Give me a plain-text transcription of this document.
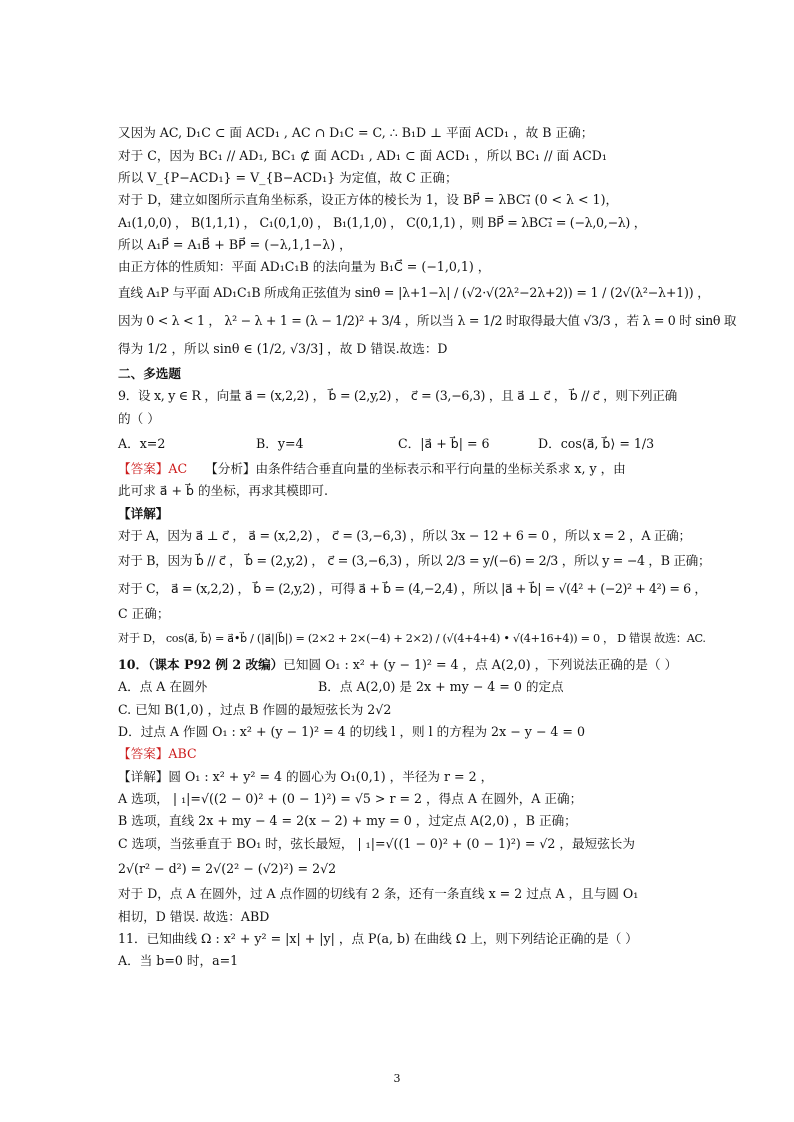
又因为 AC, D₁C ⊂ 面 ACD₁ , AC ∩ D₁C = C, ∴ B₁D ⊥ 平面 ACD₁ ，故 B 正确；
对于 C，因为 BC₁ // AD₁, BC₁ ⊄ 面 ACD₁ , AD₁ ⊂ 面 ACD₁ ，所以 BC₁ // 面 ACD₁
所以 V_{P−ACD₁} = V_{B−ACD₁} 为定值，故 C 正确；
对于 D，建立如图所示直角坐标系，设正方体的棱长为 1，设 BP⃗ = λBC₁⃗ (0 < λ < 1)，
A₁(1,0,0) ， B(1,1,1) ， C₁(0,1,0) ， B₁(1,1,0) ， C(0,1,1) ，则 BP⃗ = λBC₁⃗ = (−λ,0,−λ) ，
所以 A₁P⃗ = A₁B⃗ + BP⃗ = (−λ,1,1−λ) ，
由正方体的性质知：平面 AD₁C₁B 的法向量为 B₁C⃗ = (−1,0,1) ，
直线 A₁P 与平面 AD₁C₁B 所成角正弦值为 sinθ = |λ+1−λ| / (√2·√(2λ²−2λ+2)) = 1 / (2√(λ²−λ+1)) ，
因为 0 < λ < 1 ， λ² − λ + 1 = (λ − 1/2)² + 3/4 ，所以当 λ = 1/2 时取得最大值 √3/3 ，若 λ = 0 时 sinθ 取
得为 1/2 ，所以 sinθ ∈ (1/2, √3/3] ，故 D 错误.故选：D
二、多选题
9．设 x, y ∈ R ，向量 a⃗ = (x,2,2) ， b⃗ = (2,y,2) ， c⃗ = (3,−6,3) ，且 a⃗ ⊥ c⃗ ， b⃗ // c⃗ ，则下列正确
的（ ）
A．x=2	B．y=4	C．|a⃗ + b⃗| = 6	D．cos⟨a⃗, b⃗⟩ = 1/3
【答案】AC 【分析】由条件结合垂直向量的坐标表示和平行向量的坐标关系求 x, y ，由
此可求 a⃗ + b⃗ 的坐标，再求其模即可.
【详解】
对于 A，因为 a⃗ ⊥ c⃗ ， a⃗ = (x,2,2) ， c⃗ = (3,−6,3) ，所以 3x − 12 + 6 = 0 ，所以 x = 2 ，A 正确；
对于 B，因为 b⃗ // c⃗ ， b⃗ = (2,y,2) ， c⃗ = (3,−6,3) ，所以 2/3 = y/(−6) = 2/3 ，所以 y = −4 ，B 正确；
对于 C， a⃗ = (x,2,2) ， b⃗ = (2,y,2) ，可得 a⃗ + b⃗ = (4,−2,4) ，所以 |a⃗ + b⃗| = √(4² + (−2)² + 4²) = 6 ，
C 正确；
对于 D， cos⟨a⃗, b⃗⟩ = a⃗•b⃗ / (|a⃗||b⃗|) = (2×2 + 2×(−4) + 2×2) / (√(4+4+4) • √(4+16+4)) = 0 ， D 错误 故选：AC.
10．（课本 P92 例 2 改编）已知圆 O₁ : x² + (y − 1)² = 4 ，点 A(2,0) ，下列说法正确的是（ ）
A．点 A 在圆外	B．点 A(2,0) 是 2x + my − 4 = 0 的定点
C. 已知 B(1,0) ，过点 B 作圆的最短弦长为 2√2
D．过点 A 作圆 O₁ : x² + (y − 1)² = 4 的切线 l ，则 l 的方程为 2x − y − 4 = 0
【答案】ABC
【详解】圆 O₁ : x² + y² = 4 的圆心为 O₁(0,1) ，半径为 r = 2 ，
A 选项， | ₁|=√((2 − 0)² + (0 − 1)²) = √5 > r = 2 ，得点 A 在圆外，A 正确；
B 选项，直线 2x + my − 4 = 2(x − 2) + my = 0 ，过定点 A(2,0) ，B 正确；
C 选项，当弦垂直于 BO₁ 时，弦长最短， | ₁|=√((1 − 0)² + (0 − 1)²) = √2 ，最短弦长为
2√(r² − d²) = 2√(2² − (√2)²) = 2√2
对于 D，点 A 在圆外，过 A 点作圆的切线有 2 条，还有一条直线 x = 2 过点 A ，且与圆 O₁
相切，D 错误. 故选：ABD
11．已知曲线 Ω : x² + y² = |x| + |y| ，点 P(a, b) 在曲线 Ω 上，则下列结论正确的是（ ）
A．当 b=0 时，a=1
3
